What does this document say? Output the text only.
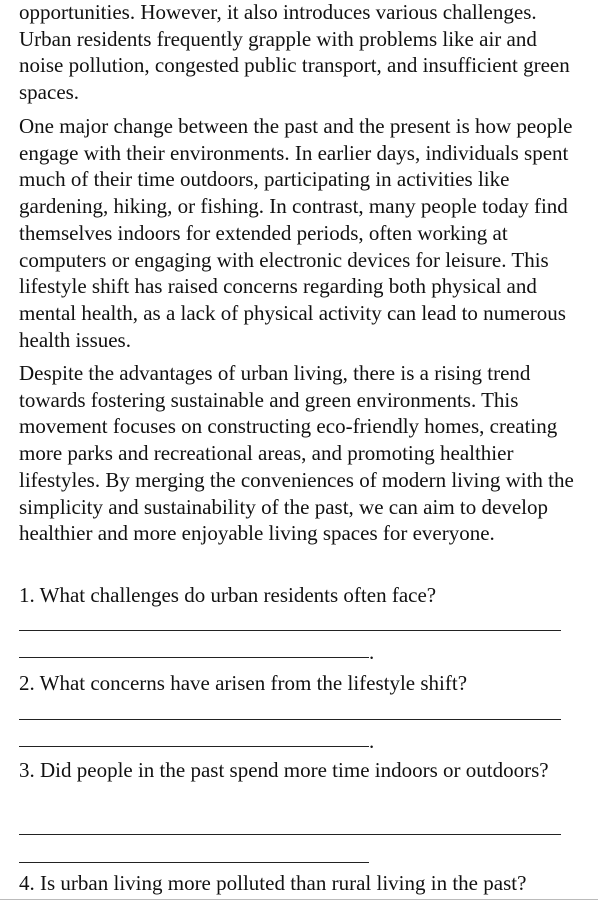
opportunities. However, it also introduces various challenges. Urban residents frequently grapple with problems like air and noise pollution, congested public transport, and insufficient green spaces.

One major change between the past and the present is how people engage with their environments. In earlier days, individuals spent much of their time outdoors, participating in activities like gardening, hiking, or fishing. In contrast, many people today find themselves indoors for extended periods, often working at computers or engaging with electronic devices for leisure. This lifestyle shift has raised concerns regarding both physical and mental health, as a lack of physical activity can lead to numerous health issues.

Despite the advantages of urban living, there is a rising trend towards fostering sustainable and green environments. This movement focuses on constructing eco-friendly homes, creating more parks and recreational areas, and promoting healthier lifestyles. By merging the conveniences of modern living with the simplicity and sustainability of the past, we can aim to develop healthier and more enjoyable living spaces for everyone.

1. What challenges do urban residents often face?

.

2. What concerns have arisen from the lifestyle shift?

.

3. Did people in the past spend more time indoors or outdoors?

4. Is urban living more polluted than rural living in the past?
